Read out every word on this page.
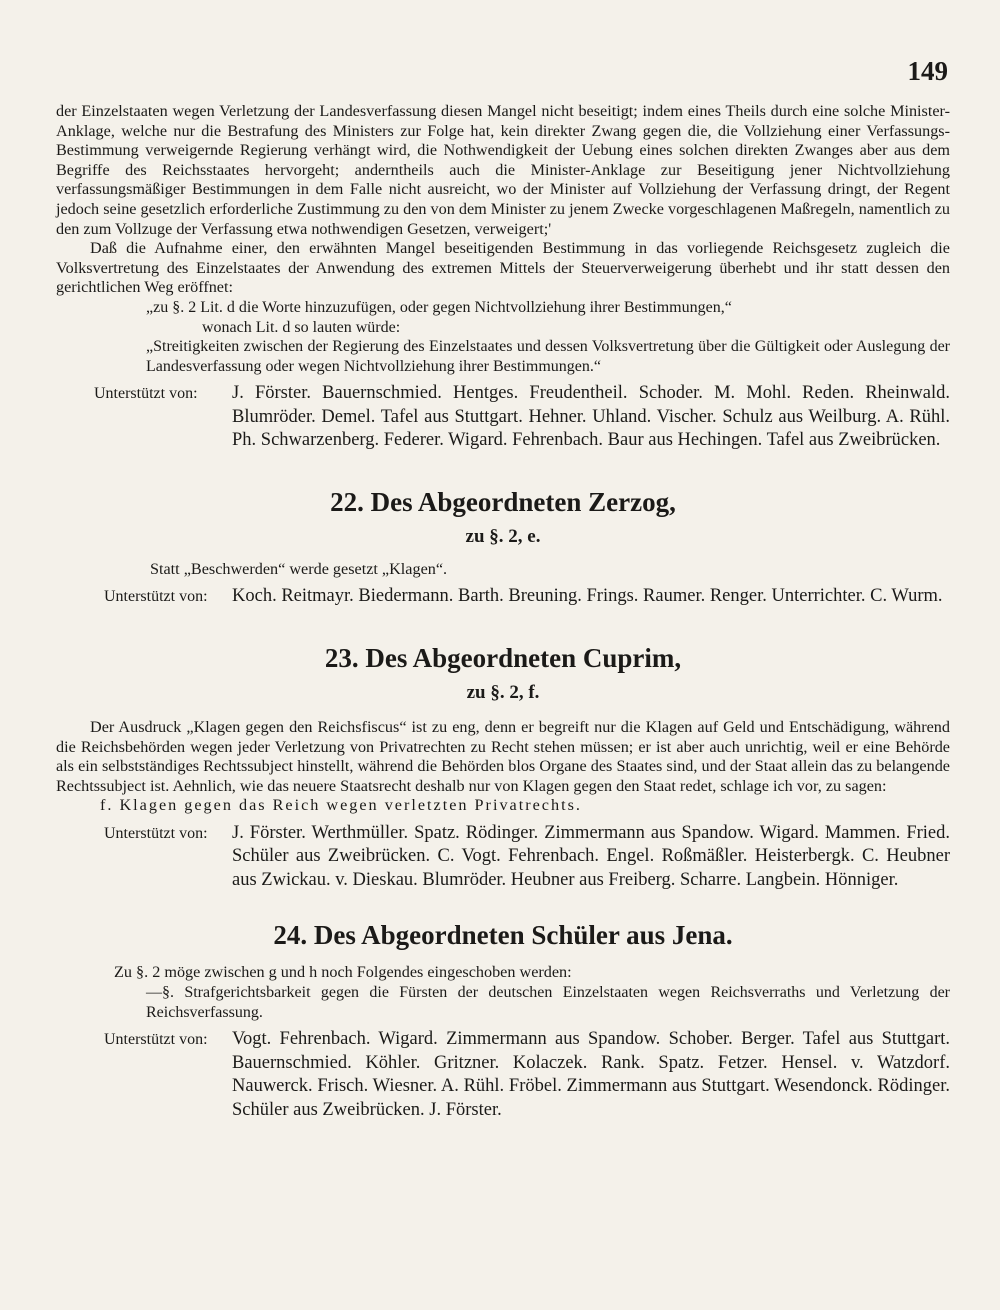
149

der Einzelstaaten wegen Verletzung der Landesverfassung diesen Mangel nicht beseitigt; indem eines Theils durch eine solche Minister-Anklage, welche nur die Bestrafung des Ministers zur Folge hat, kein direkter Zwang gegen die, die Vollziehung einer Verfassungs-Bestimmung verweigernde Regierung verhängt wird, die Nothwendigkeit der Uebung eines solchen direkten Zwanges aber aus dem Begriffe des Reichsstaates hervorgeht; anderntheils auch die Minister-Anklage zur Beseitigung jener Nichtvollziehung verfassungsmäßiger Bestimmungen in dem Falle nicht ausreicht, wo der Minister auf Vollziehung der Verfassung dringt, der Regent jedoch seine gesetzlich erforderliche Zustimmung zu den von dem Minister zu jenem Zwecke vorgeschlagenen Maßregeln, namentlich zu den zum Vollzuge der Verfassung etwa nothwendigen Gesetzen, verweigert;'

Daß die Aufnahme einer, den erwähnten Mangel beseitigenden Bestimmung in das vorliegende Reichsgesetz zugleich die Volksvertretung des Einzelstaates der Anwendung des extremen Mittels der Steuerverweigerung überhebt und ihr statt dessen den gerichtlichen Weg eröffnet:

„zu §. 2 Lit. d die Worte hinzuzufügen, oder gegen Nichtvollziehung ihrer Bestimmungen,“

wonach Lit. d so lauten würde:

„Streitigkeiten zwischen der Regierung des Einzelstaates und dessen Volksvertretung über die Gültigkeit oder Auslegung der Landesverfassung oder wegen Nichtvollziehung ihrer Bestimmungen.“

Unterstützt von:	J. Förster. Bauernschmied. Hentges. Freudentheil. Schoder. M. Mohl. Reden. Rheinwald. Blumröder. Demel. Tafel aus Stuttgart. Hehner. Uhland. Vischer. Schulz aus Weilburg. A. Rühl. Ph. Schwarzenberg. Federer. Wigard. Fehrenbach. Baur aus Hechingen. Tafel aus Zweibrücken.
22. Des Abgeordneten Zerzog,
zu §. 2, e.

Statt „Beschwerden“ werde gesetzt „Klagen“.

Unterstützt von:	Koch. Reitmayr. Biedermann. Barth. Breuning. Frings. Raumer. Renger. Unterrichter. C. Wurm.
23. Des Abgeordneten Cuprim,
zu §. 2, f.

Der Ausdruck „Klagen gegen den Reichsfiscus“ ist zu eng, denn er begreift nur die Klagen auf Geld und Entschädigung, während die Reichsbehörden wegen jeder Verletzung von Privatrechten zu Recht stehen müssen; er ist aber auch unrichtig, weil er eine Behörde als ein selbstständiges Rechtssubject hinstellt, während die Behörden blos Organe des Staates sind, und der Staat allein das zu belangende Rechtssubject ist. Aehnlich, wie das neuere Staatsrecht deshalb nur von Klagen gegen den Staat redet, schlage ich vor, zu sagen:

f. Klagen gegen das Reich wegen verletzten Privatrechts.

Unterstützt von:	J. Förster. Werthmüller. Spatz. Rödinger. Zimmermann aus Spandow. Wigard. Mammen. Fried. Schüler aus Zweibrücken. C. Vogt. Fehrenbach. Engel. Roßmäßler. Heisterbergk. C. Heubner aus Zwickau. v. Dieskau. Blumröder. Heubner aus Freiberg. Scharre. Langbein. Hönniger.
24. Des Abgeordneten Schüler aus Jena.

Zu §. 2 möge zwischen g und h noch Folgendes eingeschoben werden:

—§. Strafgerichtsbarkeit gegen die Fürsten der deutschen Einzelstaaten wegen Reichsverraths und Verletzung der Reichsverfassung.

Unterstützt von:	Vogt. Fehrenbach. Wigard. Zimmermann aus Spandow. Schober. Berger. Tafel aus Stuttgart. Bauernschmied. Köhler. Gritzner. Kolaczek. Rank. Spatz. Fetzer. Hensel. v. Watzdorf. Nauwerck. Frisch. Wiesner. A. Rühl. Fröbel. Zimmermann aus Stuttgart. Wesendonck. Rödinger. Schüler aus Zweibrücken. J. Förster.
